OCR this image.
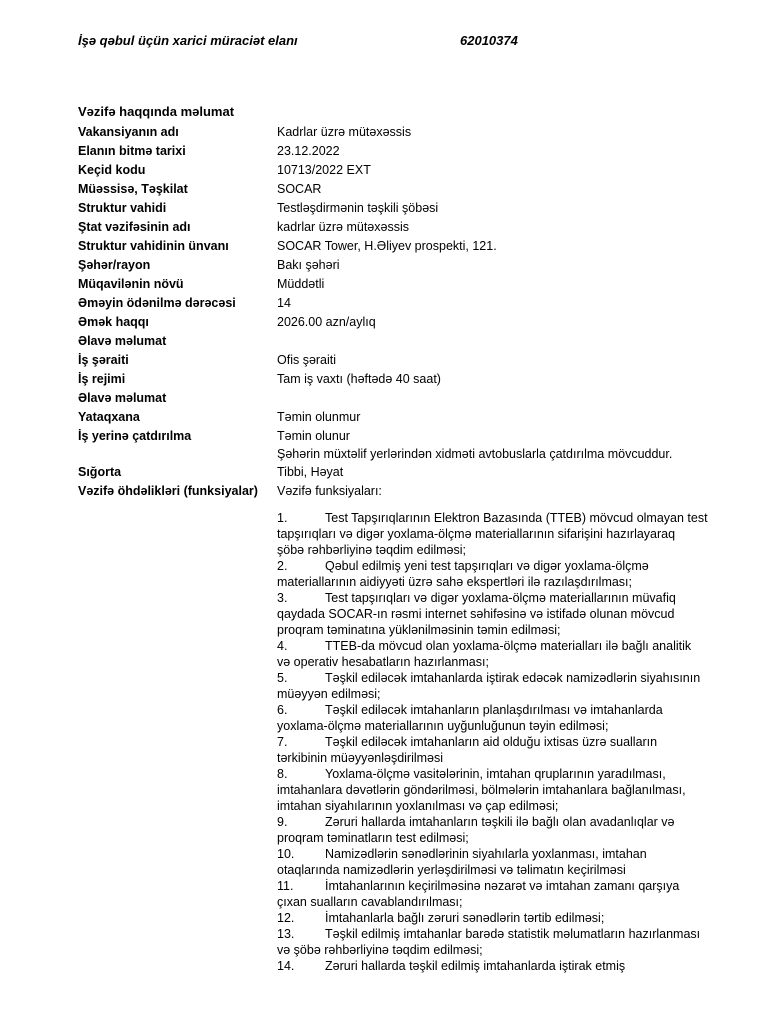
İşə qəbul üçün xarici müraciət elanı	62010374
Vəzifə haqqında məlumat
Vakansiyanın adı	Kadrlar üzrə mütəxəssis
Elanın bitmə tarixi	23.12.2022
Keçid kodu	10713/2022 EXT
Müəssisə, Təşkilat	SOCAR
Struktur vahidi	Testləşdirmənin təşkili şöbəsi
Ştat vəzifəsinin adı	kadrlar üzrə mütəxəssis
Struktur vahidinin ünvanı	SOCAR Tower, H.Əliyev prospekti, 121.
Şəhər/rayon	Bakı şəhəri
Müqavilənin növü	Müddətli
Əməyin ödənilmə dərəcəsi	14
Əmək haqqı	2026.00 azn/aylıq
Əlavə məlumat
İş şəraiti	Ofis şəraiti
İş rejimi	Tam iş vaxtı (həftədə 40 saat)
Əlavə məlumat
Yataqxana	Təmin olunmur
İş yerinə çatdırılma	Təmin olunur
Şəhərin müxtəlif yerlərindən xidməti avtobuslarla çatdırılma mövcuddur.
Sığorta	Tibbi, Həyat
Vəzifə öhdəlikləri (funksiyalar)	Vəzifə funksiyaları:
1.	Test Tapşırıqlarının Elektron Bazasında (TTEB) mövcud olmayan test
tapşırıqları və digər yoxlama-ölçmə materiallarının sifarişini hazırlayaraq
şöbə rəhbərliyinə təqdim edilməsi;
2.	Qəbul edilmiş yeni test tapşırıqları və digər yoxlama-ölçmə
materiallarının aidiyyəti üzrə sahə ekspertləri ilə razılaşdırılması;
3.	Test tapşırıqları və digər yoxlama-ölçmə materiallarının müvafiq
qaydada SOCAR-ın rəsmi internet səhifəsinə və istifadə olunan mövcud
proqram təminatına yüklənilməsinin təmin edilməsi;
4.	TTEB-da mövcud olan yoxlama-ölçmə materialları ilə bağlı analitik
və operativ hesabatların hazırlanması;
5.	Təşkil ediləcək imtahanlarda iştirak edəcək namizədlərin siyahısının
müəyyən edilməsi;
6.	Təşkil ediləcək imtahanların planlaşdırılması və imtahanlarda
yoxlama-ölçmə materiallarının uyğunluğunun təyin edilməsi;
7.	Təşkil ediləcək imtahanların aid olduğu ixtisas üzrə sualların
tərkibinin müəyyənləşdirilməsi
8.	Yoxlama-ölçmə vasitələrinin, imtahan qruplarının yaradılması,
imtahanlara dəvətlərin göndərilməsi, bölmələrin imtahanlara bağlanılması,
imtahan siyahılarının yoxlanılması və çap edilməsi;
9.	Zəruri hallarda imtahanların təşkili ilə bağlı olan avadanlıqlar və
proqram təminatların test edilməsi;
10. Namizədlərin sənədlərinin siyahılarla yoxlanması, imtahan
otaqlarında namizədlərin yerləşdirilməsi və təlimatın keçirilməsi
11.	İmtahanlarının keçirilməsinə nəzarət və imtahan zamanı qarşıya
çıxan sualların cavablandırılması;
12. İmtahanlarla bağlı zəruri sənədlərin tərtib edilməsi;
13. Təşkil edilmiş imtahanlar barədə statistik məlumatların hazırlanması
və şöbə rəhbərliyinə təqdim edilməsi;
14. Zəruri hallarda təşkil edilmiş imtahanlarda iştirak etmiş
